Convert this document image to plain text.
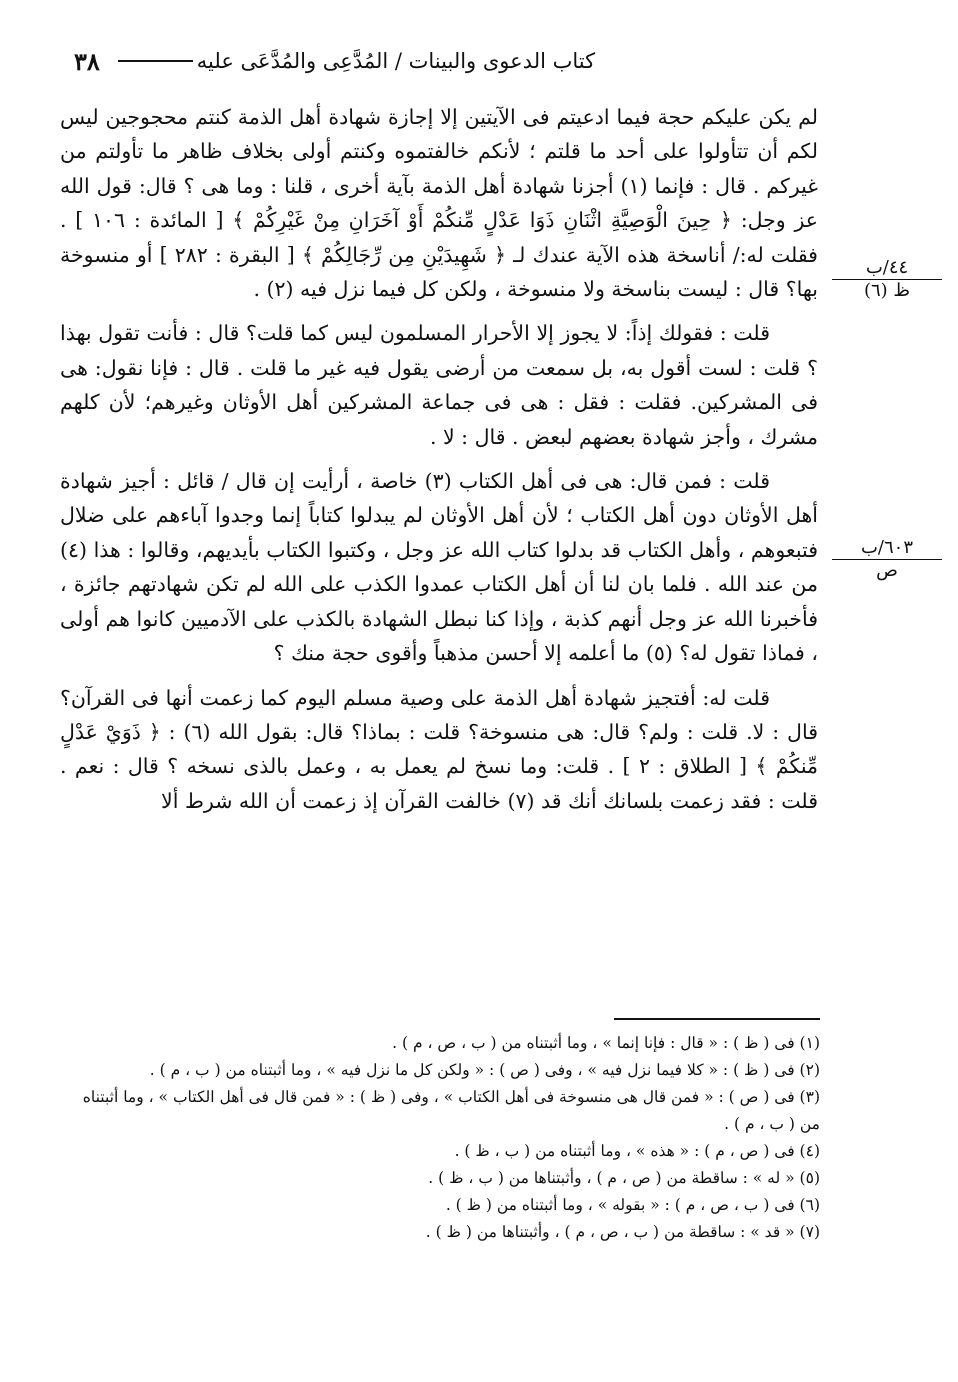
٣٨	كتاب الدعوى والبينات / المُدَّعِى والمُدَّعَى عليه
٤٤/ب
ظ (٦)
٦٠٣/ب
ص

لم يكن عليكم حجة فيما ادعيتم فى الآيتين إلا إجازة شهادة أهل الذمة كنتم محجوجين ليس لكم أن تتأولوا على أحد ما قلتم ؛ لأنكم خالفتموه وكنتم أولى بخلاف ظاهر ما تأولتم من غيركم . قال : فإنما (١) أجزنا شهادة أهل الذمة بآية أخرى ، قلنا : وما هى ؟ قال: قول الله عز وجل: ﴿ حِينَ الْوَصِيَّةِ اثْنَانِ ذَوَا عَدْلٍ مِّنكُمْ أَوْ آخَرَانِ مِنْ غَيْرِكُمْ ﴾ [ المائدة : ١٠٦ ] . فقلت له:/ أناسخة هذه الآية عندك لـ ﴿ شَهِيدَيْنِ مِن رِّجَالِكُمْ ﴾ [ البقرة : ٢٨٢ ] أو منسوخة بها؟ قال : ليست بناسخة ولا منسوخة ، ولكن كل فيما نزل فيه (٢) .

قلت : فقولك إذاً: لا يجوز إلا الأحرار المسلمون ليس كما قلت؟ قال : فأنت تقول بهذا ؟ قلت : لست أقول به، بل سمعت من أرضى يقول فيه غير ما قلت . قال : فإنا نقول: هى فى المشركين. فقلت : فقل : هى فى جماعة المشركين أهل الأوثان وغيرهم؛ لأن كلهم مشرك ، وأجز شهادة بعضهم لبعض . قال : لا .

قلت : فمن قال: هى فى أهل الكتاب (٣) خاصة ، أرأيت إن قال / قائل : أجيز شهادة أهل الأوثان دون أهل الكتاب ؛ لأن أهل الأوثان لم يبدلوا كتاباً إنما وجدوا آباءهم على ضلال فتبعوهم ، وأهل الكتاب قد بدلوا كتاب الله عز وجل ، وكتبوا الكتاب بأيديهم، وقالوا : هذا (٤) من عند الله . فلما بان لنا أن أهل الكتاب عمدوا الكذب على الله لم تكن شهادتهم جائزة ، فأخبرنا الله عز وجل أنهم كذبة ، وإذا كنا نبطل الشهادة بالكذب على الآدميين كانوا هم أولى ، فماذا تقول له؟ (٥) ما أعلمه إلا أحسن مذهباً وأقوى حجة منك ؟

قلت له: أفتجيز شهادة أهل الذمة على وصية مسلم اليوم كما زعمت أنها فى القرآن؟ قال : لا. قلت : ولم؟ قال: هى منسوخة؟ قلت : بماذا؟ قال: بقول الله (٦) : ﴿ ذَوَيْ عَدْلٍ مِّنكُمْ ﴾ [ الطلاق : ٢ ] . قلت: وما نسخ لم يعمل به ، وعمل بالذى نسخه ؟ قال : نعم . قلت : فقد زعمت بلسانك أنك قد (٧) خالفت القرآن إذ زعمت أن الله شرط ألا

(١) فى ( ظ ) : « قال : فإنا إنما » ، وما أثبتناه من ( ب ، ص ، م ) .
(٢) فى ( ظ ) : « كلا فيما نزل فيه » ، وفى ( ص ) : « ولكن كل ما نزل فيه » ، وما أثبتناه من ( ب ، م ) .
(٣) فى ( ص ) : « فمن قال هى منسوخة فى أهل الكتاب » ، وفى ( ظ ) : « فمن قال فى أهل الكتاب » ، وما أثبتناه من ( ب ، م ) .
(٤) فى ( ص ، م ) : « هذه » ، وما أثبتناه من ( ب ، ظ ) .
(٥) « له » : ساقطة من ( ص ، م ) ، وأثبتناها من ( ب ، ظ ) .
(٦) فى ( ب ، ص ، م ) : « بقوله » ، وما أثبتناه من ( ظ ) .
(٧) « قد » : ساقطة من ( ب ، ص ، م ) ، وأثبتناها من ( ظ ) .
